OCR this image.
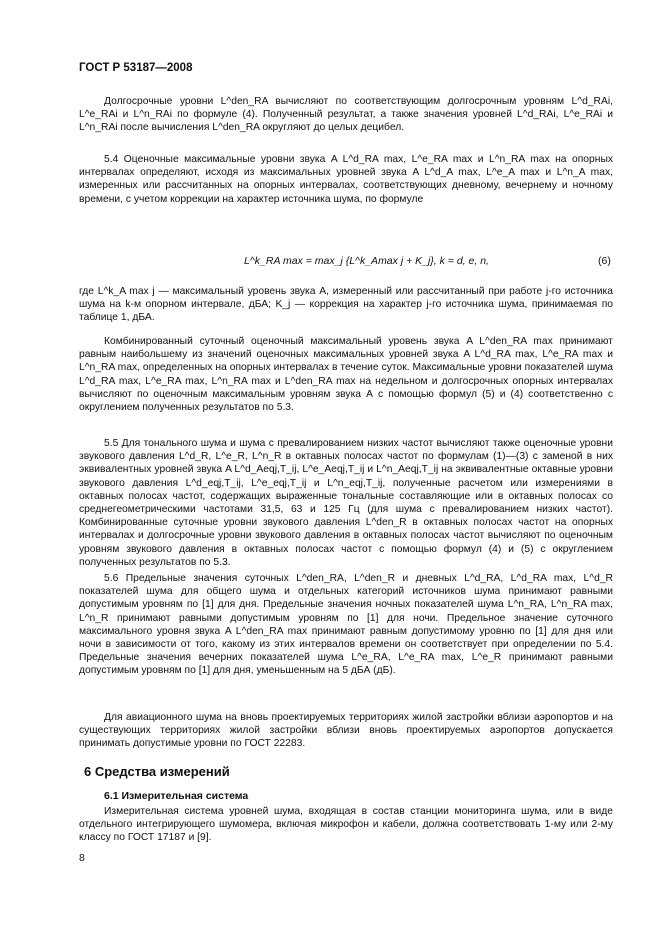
ГОСТ Р 53187—2008

Долгосрочные уровни L^den_RA вычисляют по соответствующим долгосрочным уровням L^d_RAi, L^e_RAi и L^n_RAi по формуле (4). Полученный результат, а также значения уровней L^d_RAi, L^e_RAi и L^n_RAi после вычисления L^den_RA округляют до целых децибел.

5.4 Оценочные максимальные уровни звука A L^d_RA max, L^e_RA max и L^n_RA max на опорных интервалах определяют, исходя из максимальных уровней звука A L^d_A max, L^e_A max и L^n_A max, измеренных или рассчитанных на опорных интервалах, соответствующих дневному, вечернему и ночному времени, с учетом коррекции на характер источника шума, по формуле

L^k_RA max = max_j {L^k_Amax j + K_j}, k = d, e, n,	(6)

где L^k_A max j — максимальный уровень звука А, измеренный или рассчитанный при работе j-го источника шума на k-м опорном интервале, дБА; K_j — коррекция на характер j-го источника шума, принимаемая по таблице 1, дБА.

Комбинированный суточный оценочный максимальный уровень звука A L^den_RA max принимают равным наибольшему из значений оценочных максимальных уровней звука A L^d_RA max, L^e_RA max и L^n_RA max, определенных на опорных интервалах в течение суток. Максимальные уровни показателей шума L^d_RA max, L^e_RA max, L^n_RA max и L^den_RA max на недельном и долгосрочных опорных интервалах вычисляют по оценочным максимальным уровням звука А с помощью формул (5) и (4) соответственно с округлением полученных результатов по 5.3.

5.5 Для тонального шума и шума с превалированием низких частот вычисляют также оценочные уровни звукового давления L^d_R, L^e_R, L^n_R в октавных полосах частот по формулам (1)—(3) с заменой в них эквивалентных уровней звука A L^d_Aeqj,T_ij, L^e_Aeqj,T_ij и L^n_Aeqj,T_ij на эквивалентные октавные уровни звукового давления L^d_eqj,T_ij, L^e_eqj,T_ij и L^n_eqj,T_ij, полученные расчетом или измерениями в октавных полосах частот, содержащих выраженные тональные составляющие или в октавных полосах со среднегеометрическими частотами 31,5, 63 и 125 Гц (для шума с превалированием низких частот). Комбинированные суточные уровни звукового давления L^den_R в октавных полосах частот на опорных интервалах и долгосрочные уровни звукового давления в октавных полосах частот вычисляют по оценочным уровням звукового давления в октавных полосах частот с помощью формул (4) и (5) с округлением полученных результатов по 5.3.

5.6 Предельные значения суточных L^den_RA, L^den_R и дневных L^d_RA, L^d_RA max, L^d_R показателей шума для общего шума и отдельных категорий источников шума принимают равными допустимым уровням по [1] для дня. Предельные значения ночных показателей шума L^n_RA, L^n_RA max, L^n_R принимают равными допустимым уровням по [1] для ночи. Предельное значение суточного максимального уровня звука A L^den_RA max принимают равным допустимому уровню по [1] для дня или ночи в зависимости от того, какому из этих интервалов времени он соответствует при определении по 5.4. Предельные значения вечерних показателей шума L^e_RA, L^e_RA max, L^e_R принимают равными допустимым уровням по [1] для дня, уменьшенным на 5 дБА (дБ).

Для авиационного шума на вновь проектируемых территориях жилой застройки вблизи аэропортов и на существующих территориях жилой застройки вблизи вновь проектируемых аэропортов допускается принимать допустимые уровни по ГОСТ 22283.

6 Средства измерений
6.1 Измерительная система

Измерительная система уровней шума, входящая в состав станции мониторинга шума, или в виде отдельного интегрирующего шумомера, включая микрофон и кабели, должна соответствовать 1-му или 2-му классу по ГОСТ 17187 и [9].

8
